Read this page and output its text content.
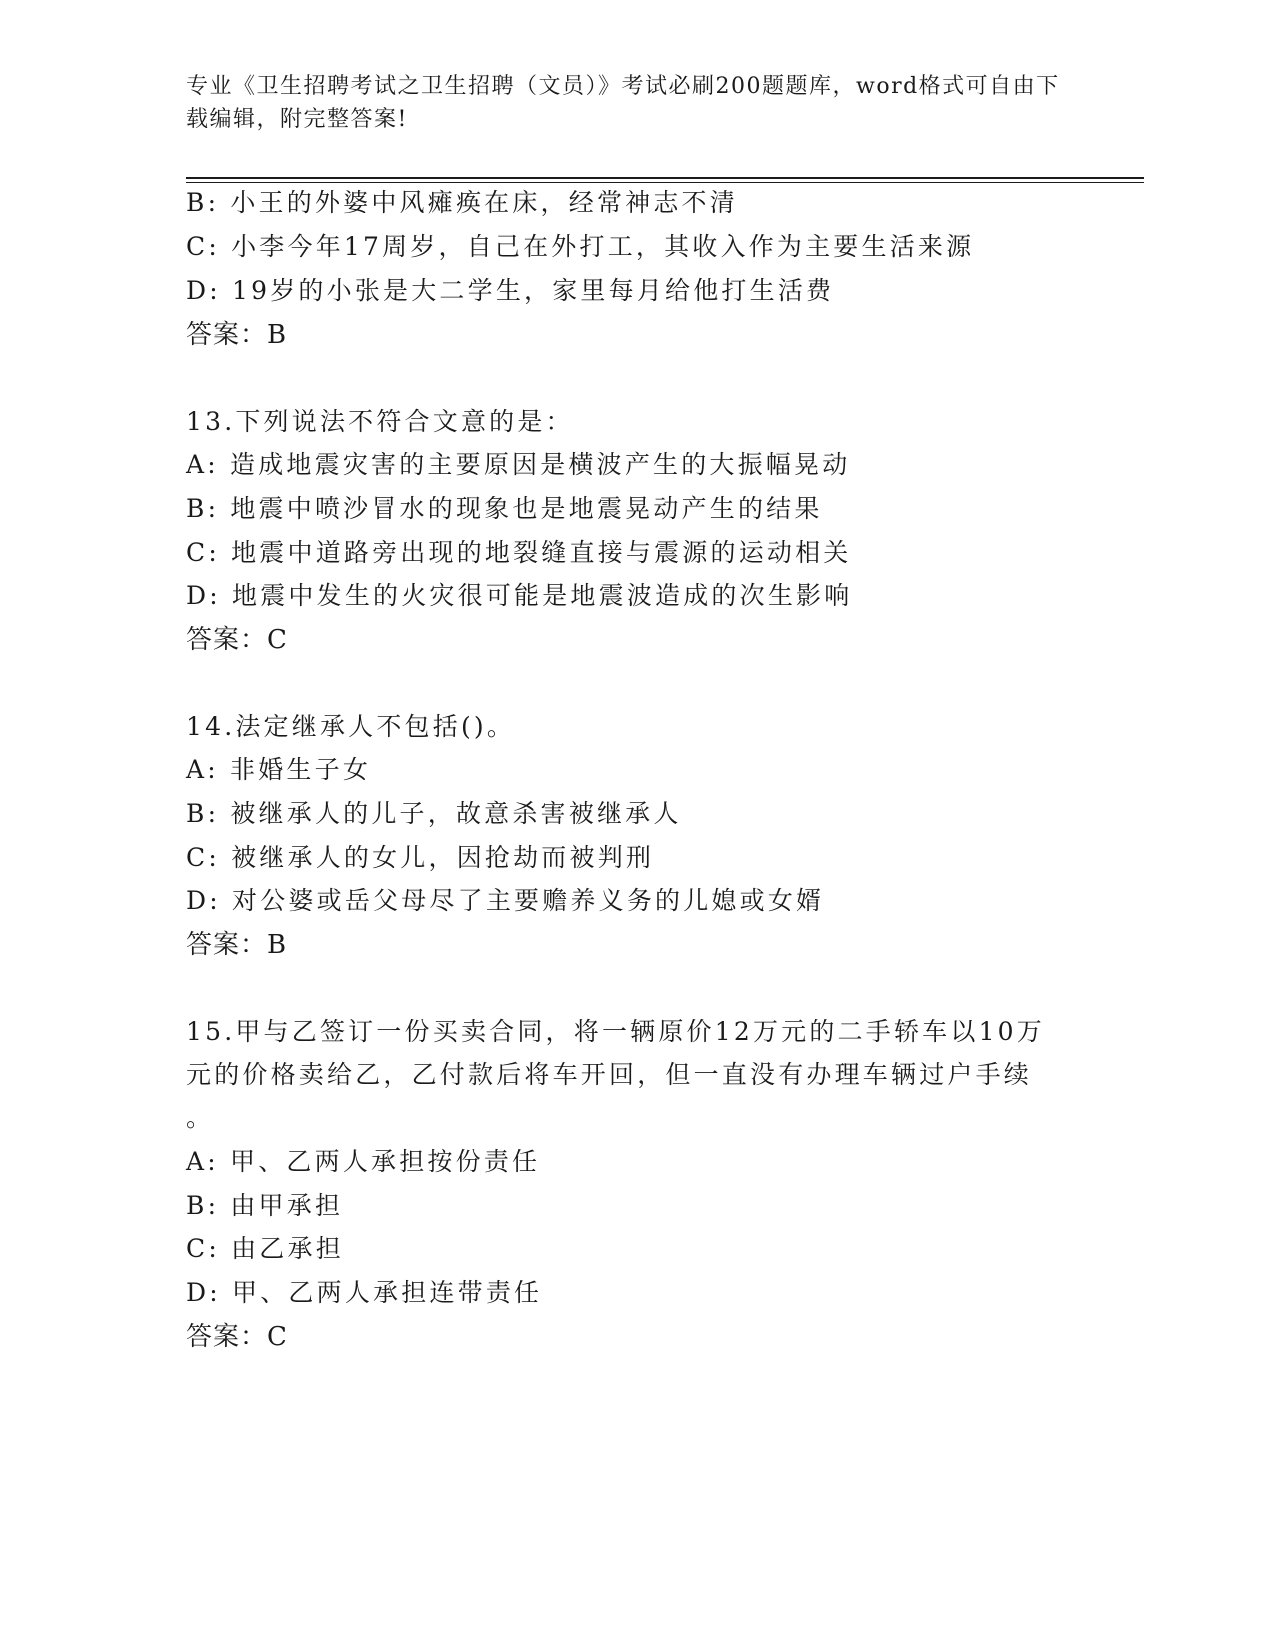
专业《卫生招聘考试之卫生招聘（文员）》考试必刷200题题库，word格式可自由下载编辑，附完整答案!
B: 小王的外婆中风瘫痪在床，经常神志不清
C: 小李今年17周岁，自己在外打工，其收入作为主要生活来源
D: 19岁的小张是大二学生，家里每月给他打生活费
答案：B
13.下列说法不符合文意的是：
A: 造成地震灾害的主要原因是横波产生的大振幅晃动
B: 地震中喷沙冒水的现象也是地震晃动产生的结果
C: 地震中道路旁出现的地裂缝直接与震源的运动相关
D: 地震中发生的火灾很可能是地震波造成的次生影响
答案：C
14.法定继承人不包括()。
A: 非婚生子女
B: 被继承人的儿子，故意杀害被继承人
C: 被继承人的女儿，因抢劫而被判刑
D: 对公婆或岳父母尽了主要赡养义务的儿媳或女婿
答案：B
15.甲与乙签订一份买卖合同，将一辆原价12万元的二手轿车以10万
元的价格卖给乙，乙付款后将车开回，但一直没有办理车辆过户手续
。
A: 甲、乙两人承担按份责任
B: 由甲承担
C: 由乙承担
D: 甲、乙两人承担连带责任
答案：C
